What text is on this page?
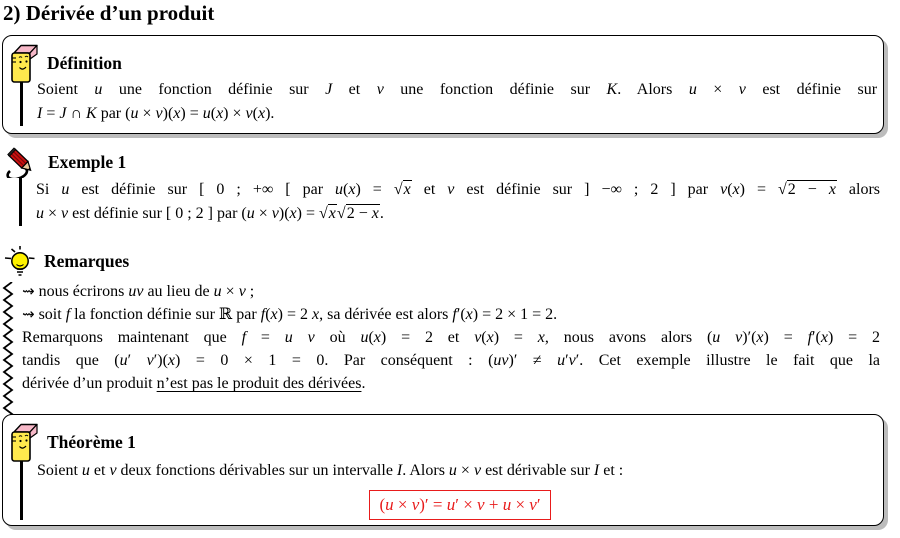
2) Dérivée d’un produit
Définition
Soient u une fonction définie sur J et v une fonction définie sur K. Alors u × v est définie sur
I = J ∩ K par (u × v)(x) = u(x) × v(x).
Exemple 1
Si u est définie sur [ 0 ; +∞ [ par u(x) = √x et v est définie sur ] −∞ ; 2 ] par v(x) = √2 − x alors
u × v est définie sur [ 0 ; 2 ] par (u × v)(x) = √x√2 − x.
Remarques
⇝ nous écrirons uv au lieu de u × v ;
⇝ soit f la fonction définie sur ℝ par f(x) = 2 x, sa dérivée est alors f′(x) = 2 × 1 = 2.
Remarquons maintenant que f = u v où u(x) = 2 et v(x) = x, nous avons alors (u v)′(x) = f′(x) = 2
tandis que (u′ v′)(x) = 0 × 1 = 0. Par conséquent : (uv)′ ≠ u′v′. Cet exemple illustre le fait que la
dérivée d’un produit n’est pas le produit des dérivées.
Théorème 1
Soient u et v deux fonctions dérivables sur un intervalle I. Alors u × v est dérivable sur I et :
(u × v)′ = u′ × v + u × v′
